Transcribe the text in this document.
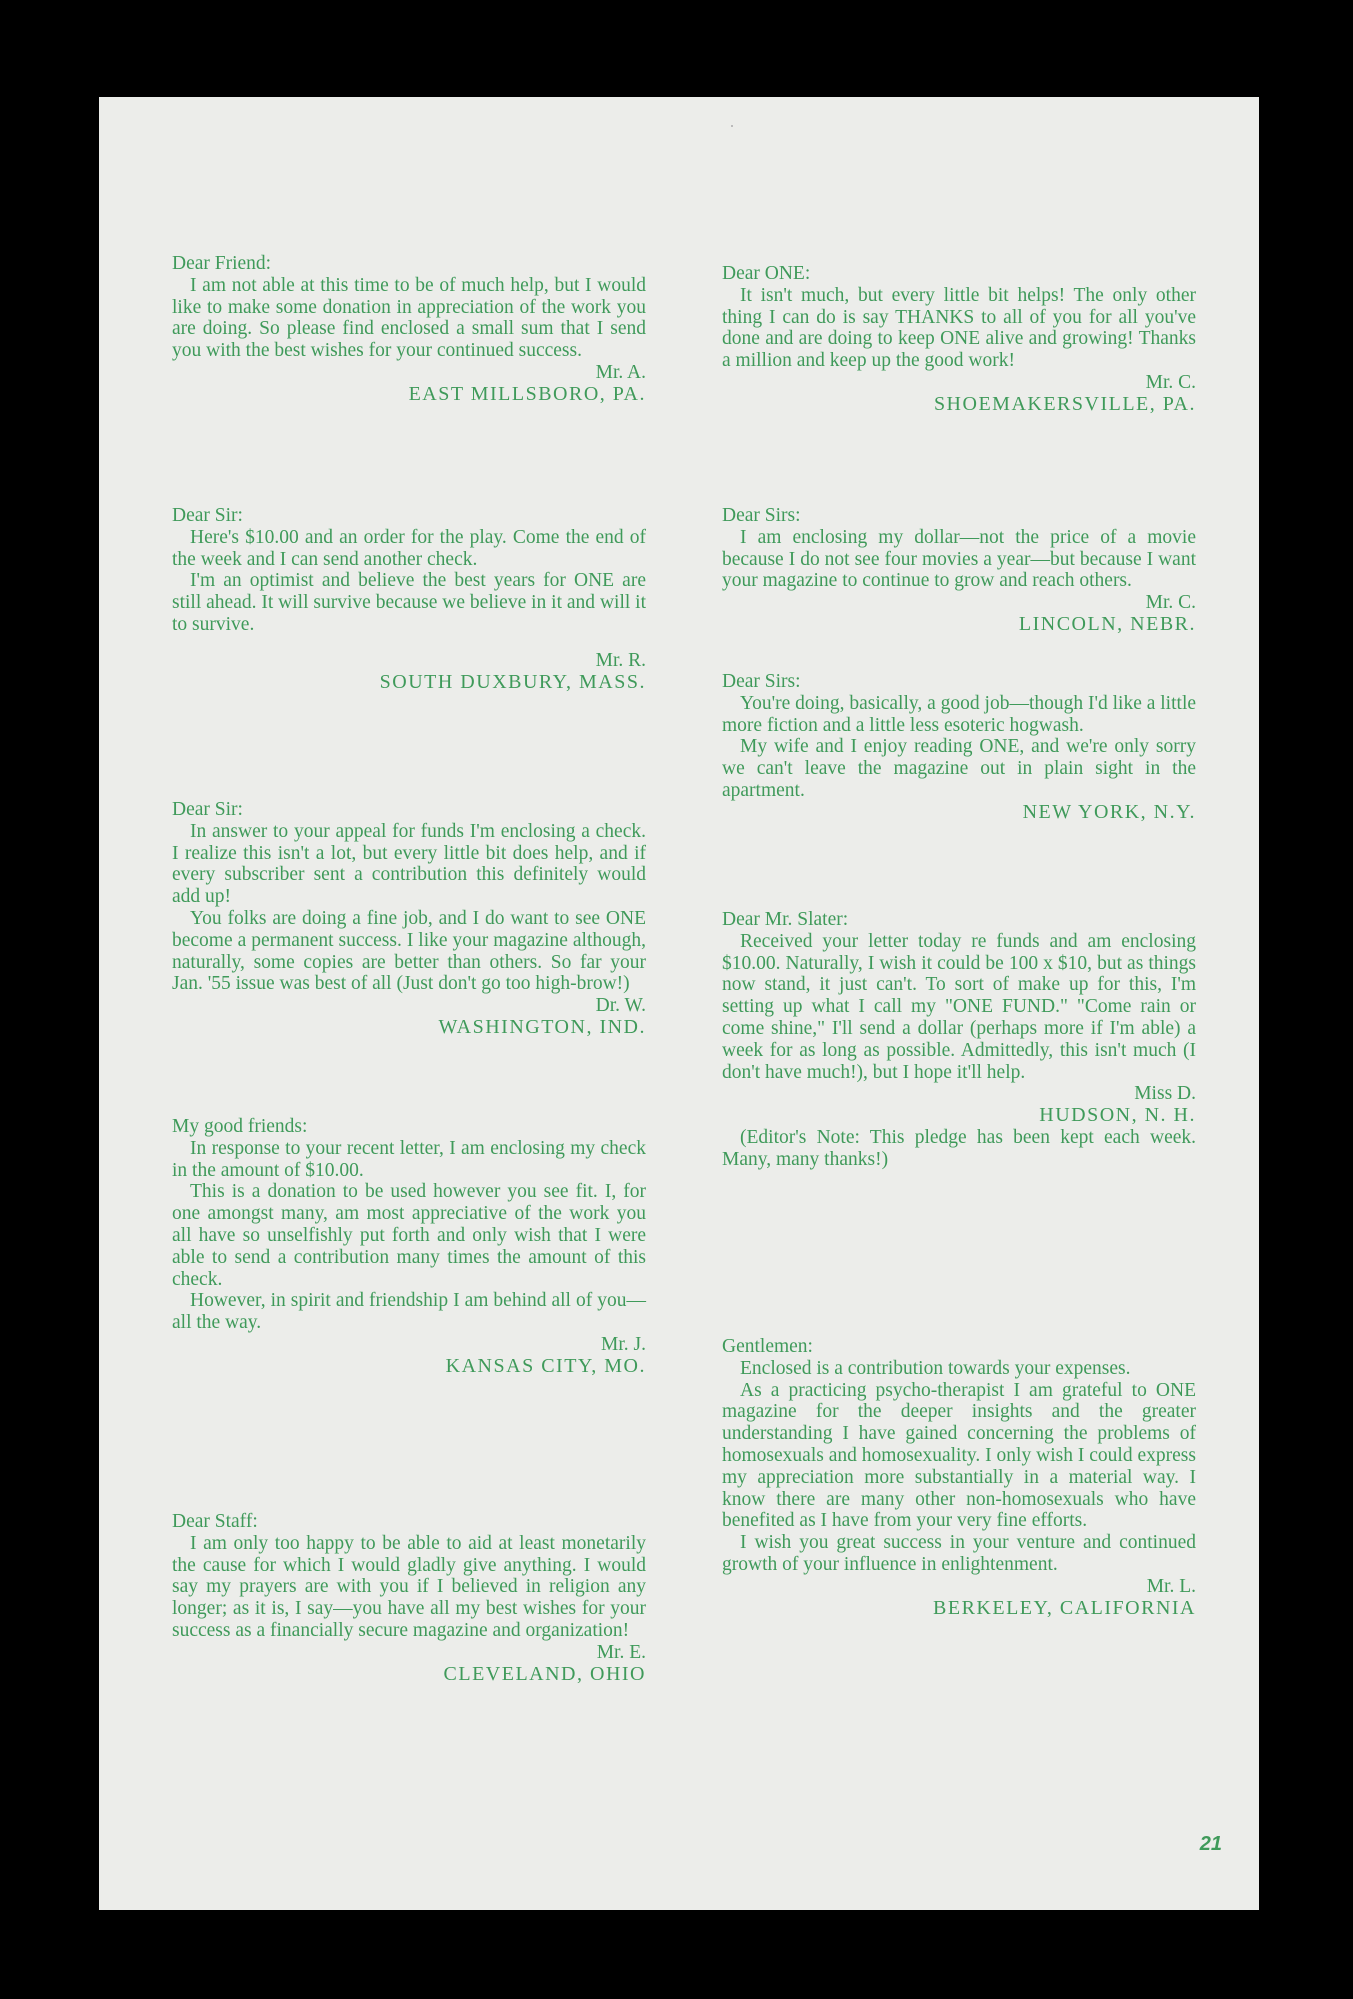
Dear Friend:

I am not able at this time to be of much help, but I would like to make some donation in appreciation of the work you are doing. So please find enclosed a small sum that I send you with the best wishes for your continued success.

Mr. A.

EAST MILLSBORO, PA.

Dear Sir:

Here's $10.00 and an order for the play. Come the end of the week and I can send another check.

I'm an optimist and believe the best years for ONE are still ahead. It will survive because we believe in it and will it to survive.

Mr. R.

SOUTH DUXBURY, MASS.

Dear Sir:

In answer to your appeal for funds I'm enclosing a check. I realize this isn't a lot, but every little bit does help, and if every subscriber sent a contribution this definitely would add up!

You folks are doing a fine job, and I do want to see ONE become a permanent success. I like your magazine although, naturally, some copies are better than others. So far your Jan. '55 issue was best of all (Just don't go too high-brow!)

Dr. W.

WASHINGTON, IND.

My good friends:

In response to your recent letter, I am enclosing my check in the amount of $10.00.

This is a donation to be used however you see fit. I, for one amongst many, am most appreciative of the work you all have so unselfishly put forth and only wish that I were able to send a contribution many times the amount of this check.

However, in spirit and friendship I am behind all of you—all the way.

Mr. J.

KANSAS CITY, MO.

Dear Staff:

I am only too happy to be able to aid at least monetarily the cause for which I would gladly give anything. I would say my prayers are with you if I believed in religion any longer; as it is, I say—you have all my best wishes for your success as a financially secure magazine and organization!

Mr. E.

CLEVELAND, OHIO

Dear ONE:

It isn't much, but every little bit helps! The only other thing I can do is say THANKS to all of you for all you've done and are doing to keep ONE alive and growing! Thanks a million and keep up the good work!

Mr. C.

SHOEMAKERSVILLE, PA.

Dear Sirs:

I am enclosing my dollar—not the price of a movie because I do not see four movies a year—but because I want your magazine to continue to grow and reach others.

Mr. C.

LINCOLN, NEBR.

Dear Sirs:

You're doing, basically, a good job—though I'd like a little more fiction and a little less esoteric hogwash.

My wife and I enjoy reading ONE, and we're only sorry we can't leave the magazine out in plain sight in the apartment.

NEW YORK, N.Y.

Dear Mr. Slater:

Received your letter today re funds and am enclosing $10.00. Naturally, I wish it could be 100 x $10, but as things now stand, it just can't. To sort of make up for this, I'm setting up what I call my "ONE FUND." "Come rain or come shine," I'll send a dollar (perhaps more if I'm able) a week for as long as possible. Admittedly, this isn't much (I don't have much!), but I hope it'll help.

Miss D.

HUDSON, N. H.

(Editor's Note: This pledge has been kept each week. Many, many thanks!)

Gentlemen:

Enclosed is a contribution towards your expenses.

As a practicing psycho-therapist I am grateful to ONE magazine for the deeper insights and the greater understanding I have gained concerning the problems of homosexuals and homosexuality. I only wish I could express my appreciation more substantially in a material way. I know there are many other non-homosexuals who have benefited as I have from your very fine efforts.

I wish you great success in your venture and continued growth of your influence in enlightenment.

Mr. L.

BERKELEY, CALIFORNIA

21
